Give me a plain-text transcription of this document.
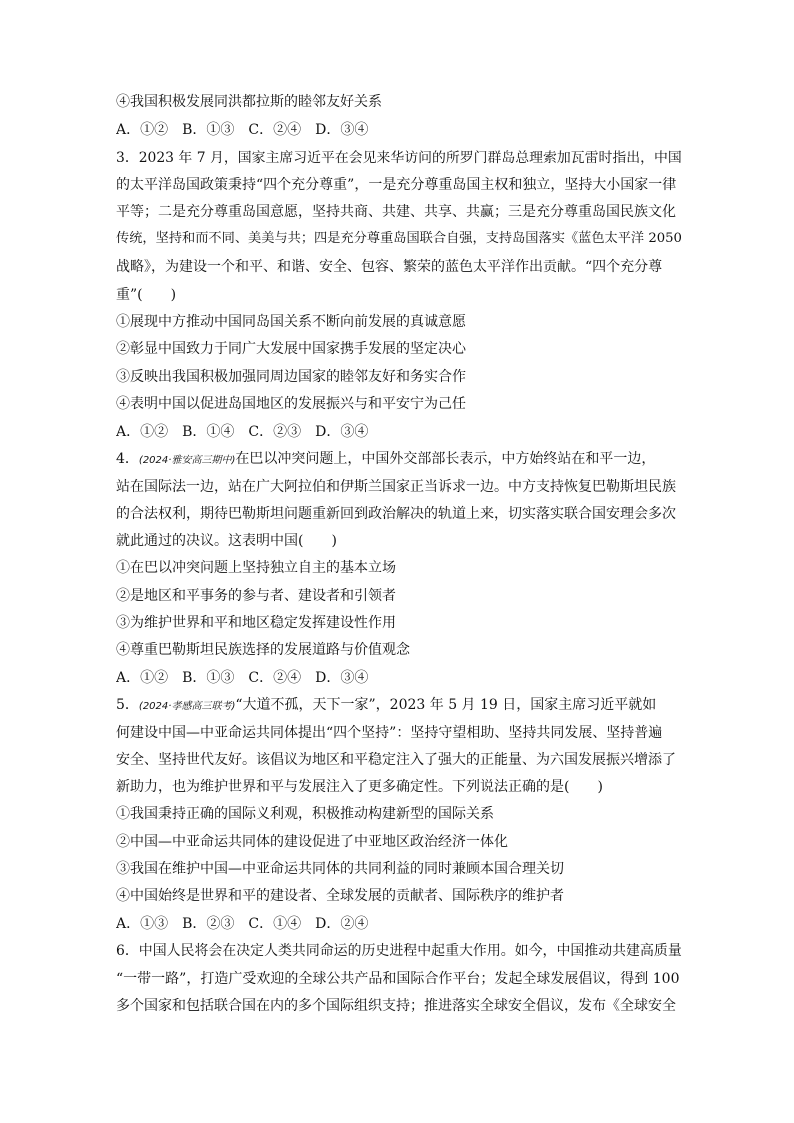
④我国积极发展同洪都拉斯的睦邻友好关系
A．①②　B．①③　C．②④　D．③④
3．2023 年 7 月，国家主席习近平在会见来华访问的所罗门群岛总理索加瓦雷时指出，中国
的太平洋岛国政策秉持“四个充分尊重”，一是充分尊重岛国主权和独立，坚持大小国家一律
平等；二是充分尊重岛国意愿，坚持共商、共建、共享、共赢；三是充分尊重岛国民族文化
传统，坚持和而不同、美美与共；四是充分尊重岛国联合自强，支持岛国落实《蓝色太平洋 2050
战略》，为建设一个和平、和谐、安全、包容、繁荣的蓝色太平洋作出贡献。“四个充分尊
重”(　　)
①展现中方推动中国同岛国关系不断向前发展的真诚意愿
②彰显中国致力于同广大发展中国家携手发展的坚定决心
③反映出我国积极加强同周边国家的睦邻友好和务实合作
④表明中国以促进岛国地区的发展振兴与和平安宁为己任
A．①②　B．①④　C．②③　D．③④
4．(2024·雅安高三期中)在巴以冲突问题上，中国外交部部长表示，中方始终站在和平一边，
站在国际法一边，站在广大阿拉伯和伊斯兰国家正当诉求一边。中方支持恢复巴勒斯坦民族
的合法权利，期待巴勒斯坦问题重新回到政治解决的轨道上来，切实落实联合国安理会多次
就此通过的决议。这表明中国(　　)
①在巴以冲突问题上坚持独立自主的基本立场
②是地区和平事务的参与者、建设者和引领者
③为维护世界和平和地区稳定发挥建设性作用
④尊重巴勒斯坦民族选择的发展道路与价值观念
A．①②　B．①③　C．②④　D．③④
5．(2024·孝感高三联考)“大道不孤，天下一家”，2023 年 5 月 19 日，国家主席习近平就如
何建设中国—中亚命运共同体提出“四个坚持”：坚持守望相助、坚持共同发展、坚持普遍
安全、坚持世代友好。该倡议为地区和平稳定注入了强大的正能量、为六国发展振兴增添了
新助力，也为维护世界和平与发展注入了更多确定性。下列说法正确的是(　　)
①我国秉持正确的国际义利观，积极推动构建新型的国际关系
②中国—中亚命运共同体的建设促进了中亚地区政治经济一体化
③我国在维护中国—中亚命运共同体的共同利益的同时兼顾本国合理关切
④中国始终是世界和平的建设者、全球发展的贡献者、国际秩序的维护者
A．①③　B．②③　C．①④　D．②④
6．中国人民将会在决定人类共同命运的历史进程中起重大作用。如今，中国推动共建高质量
“一带一路”，打造广受欢迎的全球公共产品和国际合作平台；发起全球发展倡议，得到 100
多个国家和包括联合国在内的多个国际组织支持；推进落实全球安全倡议，发布《全球安全
